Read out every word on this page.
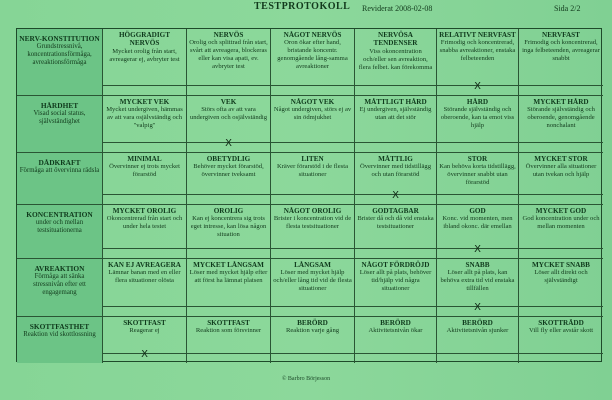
TESTPROTOKOLL Reviderat 2008-02-08	Sida 2/2
NERV-KONSTITUTION
Grundstressnivå, koncentrationsförmåga, avreaktionsförmåga
HÖGGRADIGT NERVÖS
Mycket orolig från start, avreagerar ej, avbryter test
NERVÖS
Orolig och splittrad från start, svårt att avreagera, blockeras eller kan visa apati, ev. avbryter test
NÅGOT NERVÖS
Oron ökar efter hand, bristande koncentr. genomgående lång-samma avreaktioner
NERVÖSA TENDENSER
Viss okoncentration och/eller sen avreaktion, flera felbet. kan förekomma
RELATIVT NERVFAST
Frimodig och koncentrerad, snabba avreaktioner, enstaka felbeteenden
X
NERVFAST
Frimodig och koncentrerad, inga felbeteenden, avreagerar snabbt
HÅRDHET
Visad social status, självständighet
MYCKET VEK
Mycket undergiven, hämmas av att vara osjälvständig och "valpig"
VEK
Störs ofta av att vara undergiven och osjälvständig
X
NÅGOT VEK
Något undergiven, störs ej av sin ödmjukhet
MÅTTLIGT HÅRD
Ej undergiven, självständig utan att det stör
HÅRD
Störande självständig och oberoende, kan ta emot viss hjälp
MYCKET HÅRD
Störande självständig och oberoende, genomgående nonchalant
DÅDKRAFT
Förmåga att övervinna rädsla
MINIMAL
Övervinner ej trots mycket förarstöd
OBETYDLIG
Behöver mycket förarstöd, övervinner tveksamt
LITEN
Kräver förarstöd i de flesta situationer
MÅTTLIG
Övervinner med tidstillägg och utan förarstöd
X
STOR
Kan behöva korta tidstillägg, övervinner snabbt utan förarstöd
MYCKET STOR
Övervinner alla situationer utan tvekan och hjälp
KONCENTRATION
under och mellan testsituationerna
MYCKET OROLIG
Okoncentrerad från start och under hela testet
OROLIG
Kan ej koncentrera sig trots eget intresse, kan lösa någon situation
NÅGOT OROLIG
Brister i koncentration vid de flesta testsituationer
GODTAGBAR
Brister då och då vid enstaka testsituationer
GOD
Konc. vid momenten, men ibland okonc. där emellan
X
MYCKET GOD
God koncentration under och mellan momenten
AVREAKTION
Förmåga att sänka stressnivån efter ett engagemang
KAN EJ AVREAGERA
Lämnar banan med en eller flera situationer olösta
MYCKET LÅNGSAM
Löser med mycket hjälp efter att först ha lämnat platsen
LÅNGSAM
Löser med mycket hjälp och/eller lång tid vid de flesta situationer
NÅGOT FÖRDRÖJD
Löser allt på plats, behöver tid/hjälp vid några situationer
SNABB
Löser allt på plats, kan behöva extra tid vid enstaka tillfällen
X
MYCKET SNABB
Löser allt direkt och självständigt
SKOTTFASTHET
Reaktion vid skottlossning
SKOTTFAST
Reagerar ej
X
SKOTTFAST
Reaktion som försvinner
BERÖRD
Reaktion varje gång
BERÖRD
Aktivitetsnivån ökar
BERÖRD
Aktivitetsnivån sjunker
SKOTTRÄDD
Vill fly eller avstår skott
© Barbro Börjesson
